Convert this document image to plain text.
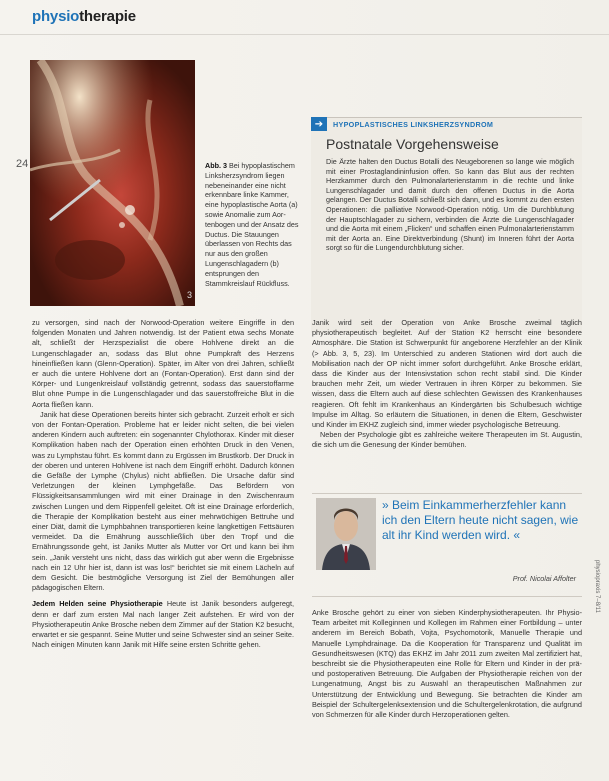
physiotherapie
24
3
Abb. 3 Bei hypoplastischem Linksherzsyndrom liegen nebeneinander eine nicht erkennbare linke Kammer, eine hypoplastische Aorta (a) sowie Anomalie zum Aortenbogen und der Ansatz des Ductus. Die Stauungen überlassen von Rechts das nur aus den großen Lungenschlagadern (b) entsprungen den Stammkreislauf Rückfluss.
➔	HYPOPLASTISCHES LINKSHERZSYNDROM
Postnatale Vorgehensweise
Die Ärzte halten den Ductus Botalli des Neugeborenen so lange wie möglich mit einer Prostaglandininfusion offen. So kann das Blut aus der rechten Herzkammer durch den Pulmonalarterienstamm in die rechte und linke Lungenschlagader und damit durch den offenen Ductus in die Aorta gelangen. Der Ductus Botalli schließt sich dann, und es kommt zu den ersten Operationen: die palliative Norwood-Operation nötig. Um die Durchblutung der Hauptschlagader zu sichern, verbinden die Ärzte die Lungenschlagader und die Aorta mit einem „Flicken“ und schaffen einen Pulmonalarterienstamm mit der Aorta an. Eine Direktverbindung (Shunt) im Inneren führt der Aorta sorgt so für die Lungendurchblutung sicher.

zu versorgen, sind nach der Norwood-Operation weitere Eingriffe in den folgenden Monaten und Jahren notwendig. Ist der Patient etwa sechs Monate alt, schließt der Herzspezialist die obere Hohlvene direkt an die Lungenschlagader an, sodass das Blut ohne Pumpkraft des Herzens hineinfließen kann (Glenn-Operation). Später, im Alter von drei Jahren, schließt er auch die untere Hohlvene dort an (Fontan-Operation). Erst dann sind der Körper- und Lungenkreislauf vollständig getrennt, sodass das sauerstoffarme Blut ohne Pumpe in die Lungenschlagader und das sauerstoffreiche Blut in die Aorta fließen kann.

Janik hat diese Operationen bereits hinter sich gebracht. Zurzeit erholt er sich von der Fontan-Operation. Probleme hat er leider nicht selten, die bei vielen anderen Kindern auch auftreten: ein sogenannter Chylothorax. Kinder mit dieser Komplikation haben nach der Operation einen erhöhten Druck in den Venen, was zu Lymphstau führt. Es kommt dann zu Ergüssen im Brustkorb. Der Druck in der oberen und unteren Hohlvene ist nach dem Eingriff erhöht. Dadurch können die Gefäße der Lymphe (Chylus) nicht abfließen. Die Ursache dafür sind Verletzungen der kleinen Lymphgefäße. Das Befördern von Flüssigkeitsansammlungen wird mit einer Drainage in den Zwischenraum zwischen Lungen und dem Rippenfell geleitet. Oft ist eine Drainage erforderlich, die Therapie der Komplikation besteht aus einer mehrwöchigen Bettruhe und einer Diät, damit die Lymphbahnen transportieren keine langkettigen Fettsäuren vermeidet. Da die Ernährung ausschließlich über den Tropf und die Ernährungssonde geht, ist Janiks Mutter als Mutter vor Ort und kann bei ihm sein. „Janik versteht uns nicht, dass das wirklich gut aber wenn die Ergebnisse nach ein 12 Uhr hier ist, dann ist was los!“ berichtet sie mit einem Lächeln auf dem Gesicht. Die bestmögliche Versorgung ist Ziel der Bemühungen aller pädagogischen Eltern.

Jedem Helden seine Physiotherapie Heute ist Janik besonders aufgeregt, denn er darf zum ersten Mal nach langer Zeit aufstehen. Er wird von der Physiotherapeutin Anke Brosche neben dem Zimmer auf der Station K2 besucht, erwartet er sie gespannt. Seine Mutter und seine Schwester sind an seiner Seite. Nach einigen Minuten kann Janik mit Hilfe seine ersten Schritte gehen.

Janik wird seit der Operation von Anke Brosche zweimal täglich physiotherapeutisch begleitet. Auf der Station K2 herrscht eine besondere Atmosphäre. Die Station ist Schwerpunkt für angeborene Herzfehler an der Klinik (> Abb. 3, 5, 23). Im Unterschied zu anderen Stationen wird dort auch die Mobilisation nach der OP nicht immer sofort durchgeführt. Anke Brosche erklärt, dass die Kinder aus der Intensivstation schon recht stabil sind. Die Kinder brauchen mehr Zeit, um wieder Vertrauen in ihren Körper zu bekommen. Sie wissen, dass die Eltern auch auf diese schlechten Gewissen des Krankenhauses reagieren. Oft fehlt im Krankenhaus an Kindergärten bis Schulbesuch wichtige Impulse im Alltag. So erläutern die Situationen, in denen die Eltern, Geschwister und Kinder im EKHZ zugleich sind, immer wieder psychologische Betreuung.

Neben der Psychologie gibt es zahlreiche weitere Therapeuten im St. Augustin, die sich um die Genesung der Kinder bemühen.

» Beim Einkammerherzfehler kann ich den Eltern heute nicht sagen, wie alt ihr Kind werden wird. «
Prof. Nicolai Affolter

Anke Brosche gehört zu einer von sieben Kinderphysiotherapeuten. Ihr Physio-Team arbeitet mit Kolleginnen und Kollegen im Rahmen einer Fortbildung – unter anderem im Bereich Bobath, Vojta, Psychomotorik, Manuelle Therapie und Manuelle Lymphdrainage. Da die Kooperation für Transparenz und Qualität im Gesundheitswesen (KTQ) das EKHZ im Jahr 2011 zum zweiten Mal zertifiziert hat, beschreibt sie die Physiotherapeuten eine Rolle für Eltern und Kinder in der prä- und postoperativen Betreuung. Die Aufgaben der Physiotherapie reichen von der Lungenatmung, Angst bis zu Auswahl an therapeutischen Maßnahmen zur Unterstützung der Entwicklung und Bewegung. Sie betrachten die Kinder am Beispiel der Schultergelenksextension und die Schultergelenkrotation, die aufgrund von Schmerzen für alle Kinder durch Herzoperationen gelten.

physiopraxis 7–8/11
